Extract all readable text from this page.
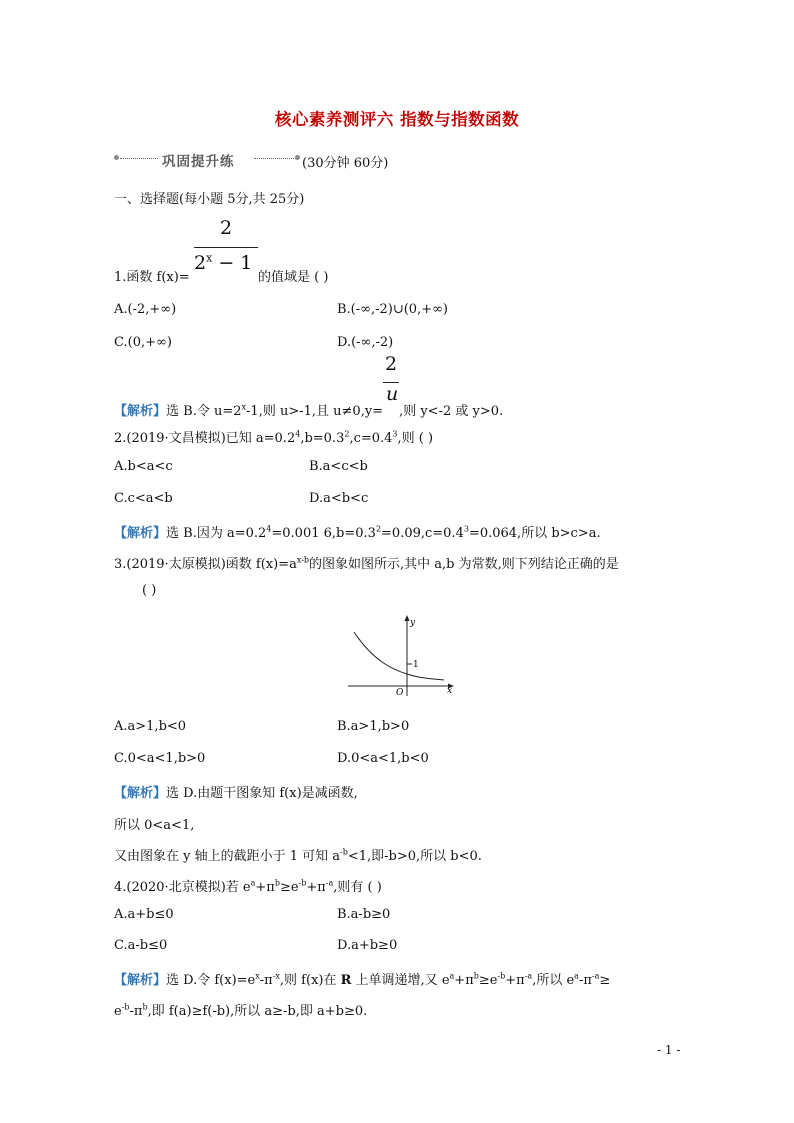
核心素养测评六 指数与指数函数
巩固提升练	(30分钟 60分)
一、选择题(每小题 5分,共 25分)
2
$2^x - 1$
1.函数 f(x)=	的值域是 ( )
A.(-2,+∞)	B.(-∞,-2)∪(0,+∞)
C.(0,+∞)	D.(-∞,-2)
2
u
【解析】选 B.令 $u=2^x-1$,则 u>-1,且 u≠0,y= ,则 y<-2 或 y>0.
2.(2019·文昌模拟)已知 $a=0.2^4,b=0.3^2,c=0.4^3$,则 ( )
A.b<a<c	B.a<c<b
C.c<a<b	D.a<b<c
【解析】选 B.因为 $a=0.2^4=0.001$ $6,b=0.3^2=0.09,c=0.4^3=0.064$,所以 b>c>a.
3.(2019·太原模拟)函数 $f(x)=a^{x-b}$的图象如图所示,其中 a,b 为常数,则下列结论正确的是
( )
y
x
O
1
A.a>1,b<0	B.a>1,b>0
C.0<a<1,b>0	D.0<a<1,b<0
【解析】选 D.由题干图象知 f(x)是减函数,
所以 0<a<1,
又由图象在 y 轴上的截距小于 1 可知 $a^{-b}<1$,即-b>0,所以 b<0.
4.(2020·北京模拟)若 $e^a+\pi^b\ge e^{-b}+\pi^{-a}$,则有 ( )
A.a+b≤0	B.a-b≥0
C.a-b≤0	D.a+b≥0
【解析】选 D.令 $f(x)=e^x-\pi^{-x}$,则 f(x)在 R 上单调递增,又 $e^a+\pi^b\ge e^{-b}+\pi^{-a}$,所以 $e^a-\pi^{-a}\ge$
$e^{-b}-\pi^b$,即 f(a)≥f(-b),所以 a≥-b,即 a+b≥0.
- 1 -
